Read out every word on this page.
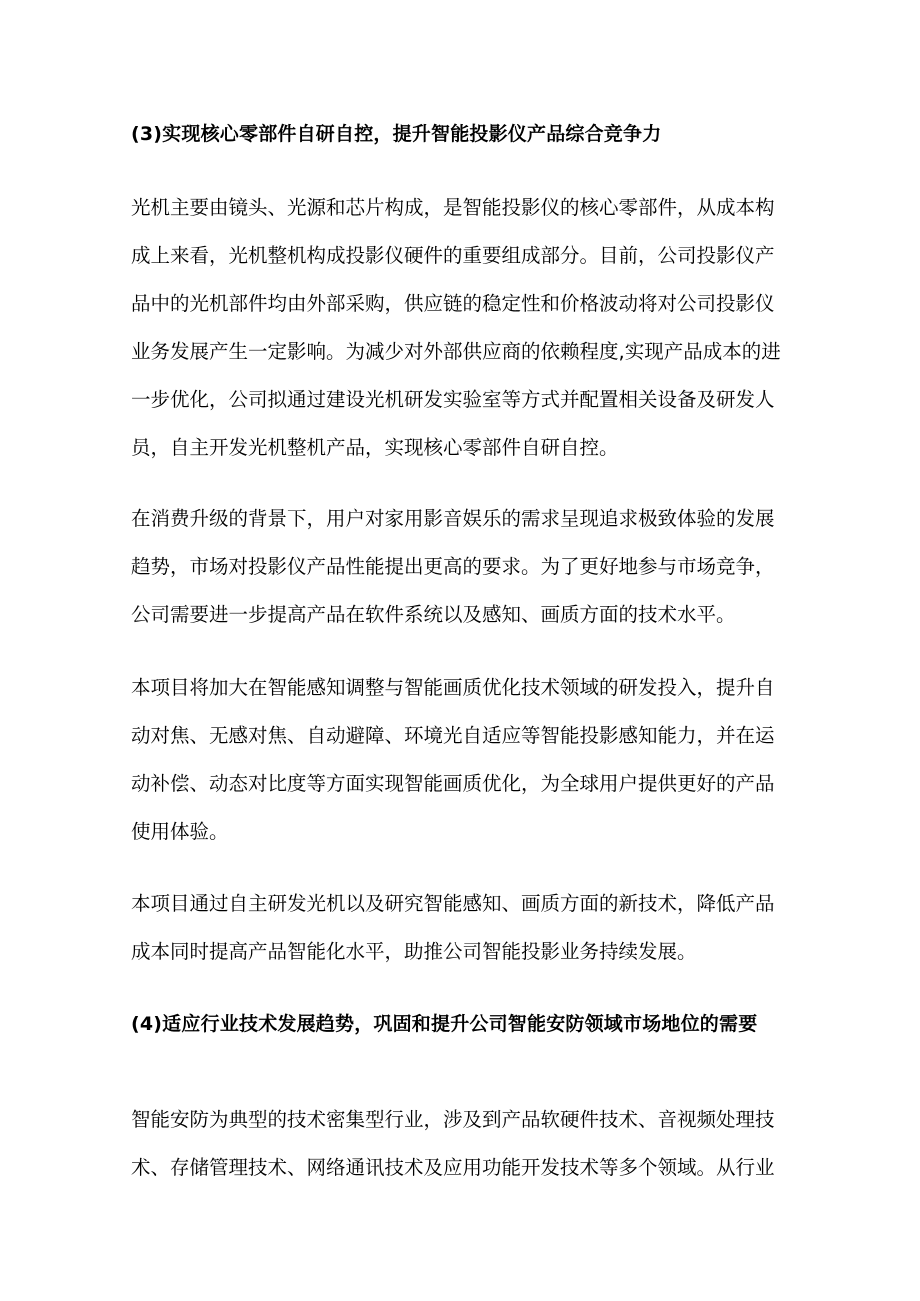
(3)实现核心零部件自研自控，提升智能投影仪产品综合竞争力
光机主要由镜头、光源和芯片构成，是智能投影仪的核心零部件，从成本构
成上来看，光机整机构成投影仪硬件的重要组成部分。目前，公司投影仪产
品中的光机部件均由外部采购，供应链的稳定性和价格波动将对公司投影仪
业务发展产生一定影响。为减少对外部供应商的依赖程度,实现产品成本的进
一步优化，公司拟通过建设光机研发实验室等方式并配置相关设备及研发人
员，自主开发光机整机产品，实现核心零部件自研自控。
在消费升级的背景下，用户对家用影音娱乐的需求呈现追求极致体验的发展
趋势，市场对投影仪产品性能提出更高的要求。为了更好地参与市场竞争，
公司需要进一步提高产品在软件系统以及感知、画质方面的技术水平。
本项目将加大在智能感知调整与智能画质优化技术领域的研发投入，提升自
动对焦、无感对焦、自动避障、环境光自适应等智能投影感知能力，并在运
动补偿、动态对比度等方面实现智能画质优化，为全球用户提供更好的产品
使用体验。
本项目通过自主研发光机以及研究智能感知、画质方面的新技术，降低产品
成本同时提高产品智能化水平，助推公司智能投影业务持续发展。
(4)适应行业技术发展趋势，巩固和提升公司智能安防领域市场地位的需要
智能安防为典型的技术密集型行业，涉及到产品软硬件技术、音视频处理技
术、存储管理技术、网络通讯技术及应用功能开发技术等多个领域。从行业
